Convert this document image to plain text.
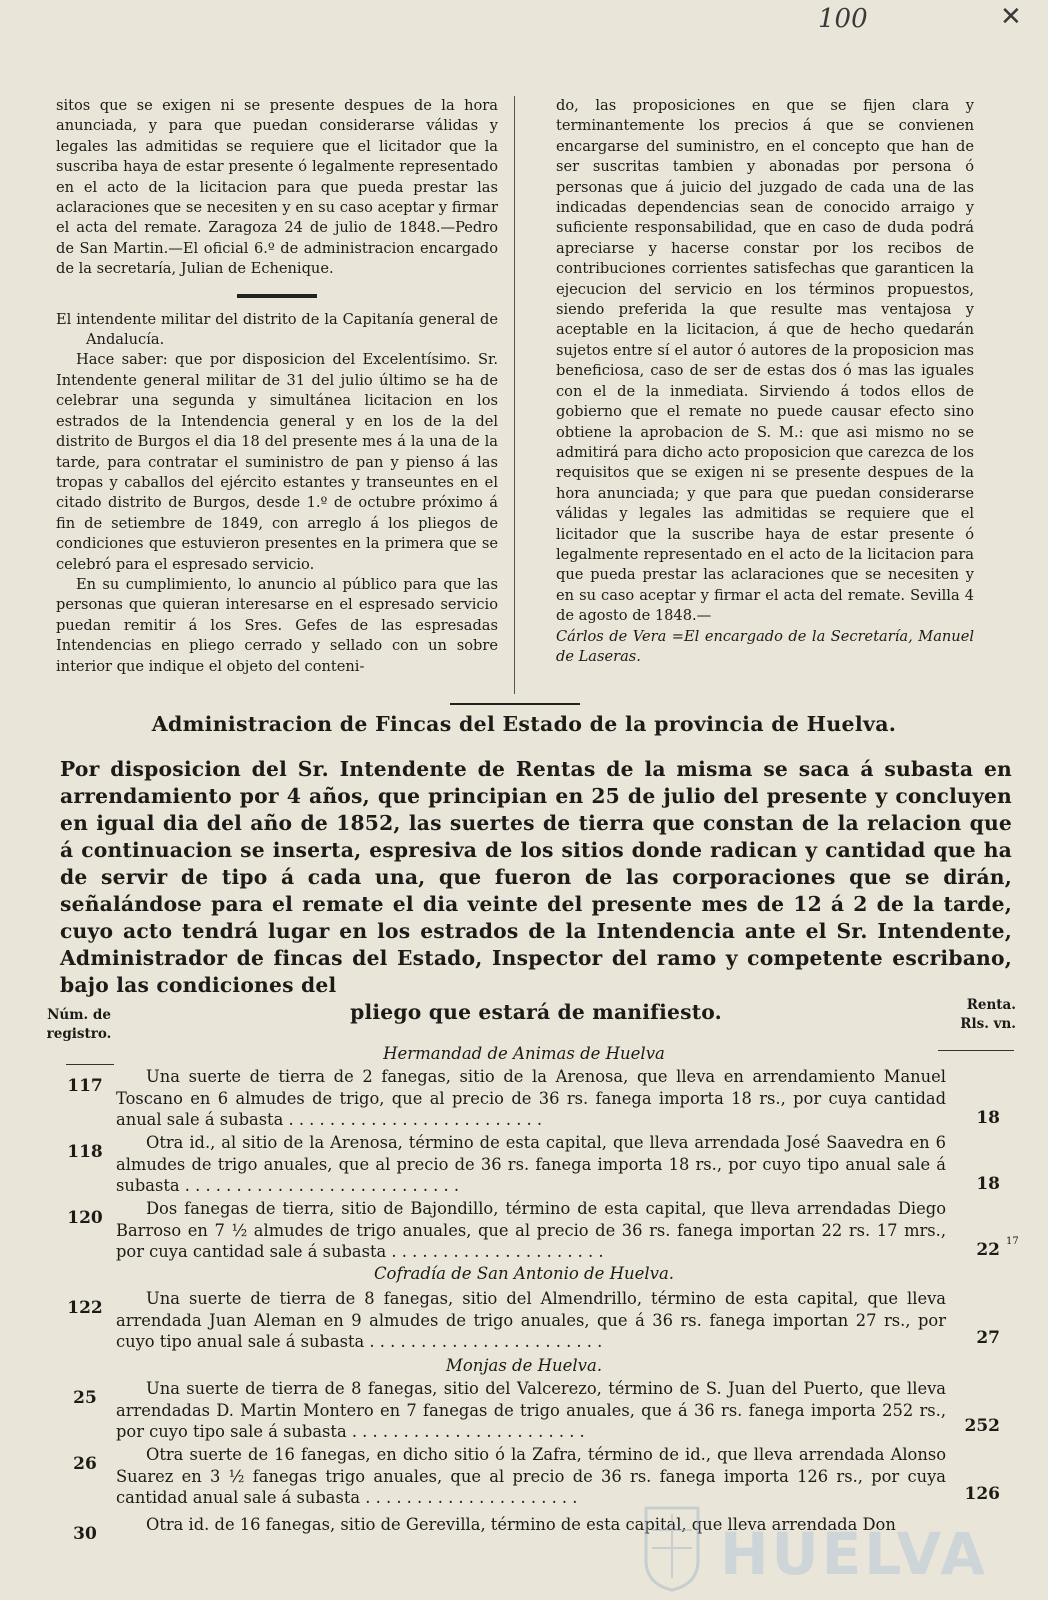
100	✕

sitos que se exigen ni se presente despues de la hora anunciada, y para que puedan considerarse válidas y legales las admitidas se requiere que el licitador que la suscriba haya de estar presente ó legalmente representado en el acto de la licitacion para que pueda prestar las aclaraciones que se necesiten y en su caso aceptar y firmar el acta del remate. Zaragoza 24 de julio de 1848.—Pedro de San Martin.—El oficial 6.º de administracion encargado de la secretaría, Julian de Echenique.

El intendente militar del distrito de la Capitanía general de Andalucía.

Hace saber: que por disposicion del Excelentísimo. Sr. Intendente general militar de 31 del julio último se ha de celebrar una segunda y simultánea licitacion en los estrados de la Intendencia general y en los de la del distrito de Burgos el dia 18 del presente mes á la una de la tarde, para contratar el suministro de pan y pienso á las tropas y caballos del ejército estantes y transeuntes en el citado distrito de Burgos, desde 1.º de octubre próximo á fin de setiembre de 1849, con arreglo á los pliegos de condiciones que estuvieron presentes en la primera que se celebró para el espresado servicio.

En su cumplimiento, lo anuncio al público para que las personas que quieran interesarse en el espresado servicio puedan remitir á los Sres. Gefes de las espresadas Intendencias en pliego cerrado y sellado con un sobre interior que indique el objeto del conteni-

do, las proposiciones en que se fijen clara y terminantemente los precios á que se convienen encargarse del suministro, en el concepto que han de ser suscritas tambien y abonadas por persona ó personas que á juicio del juzgado de cada una de las indicadas dependencias sean de conocido arraigo y suficiente responsabilidad, que en caso de duda podrá apreciarse y hacerse constar por los recibos de contribuciones corrientes satisfechas que garanticen la ejecucion del servicio en los términos propuestos, siendo preferida la que resulte mas ventajosa y aceptable en la licitacion, á que de hecho quedarán sujetos entre sí el autor ó autores de la proposicion mas beneficiosa, caso de ser de estas dos ó mas las iguales con el de la inmediata. Sirviendo á todos ellos de gobierno que el remate no puede causar efecto sino obtiene la aprobacion de S. M.: que asi mismo no se admitirá para dicho acto proposicion que carezca de los requisitos que se exigen ni se presente despues de la hora anunciada; y que para que puedan considerarse válidas y legales las admitidas se requiere que el licitador que la suscribe haya de estar presente ó legalmente representado en el acto de la licitacion para que pueda prestar las aclaraciones que se necesiten y en su caso aceptar y firmar el acta del remate. Sevilla 4 de agosto de 1848.—

Cárlos de Vera =El encargado de la Secretaría, Manuel de Laseras.

Administracion de Fincas del Estado de la provincia de Huelva.
Por disposicion del Sr. Intendente de Rentas de la misma se saca á subasta en arrendamiento por 4 años, que principian en 25 de julio del presente y concluyen en igual dia del año de 1852, las suertes de tierra que constan de la relacion que á continuacion se inserta, espresiva de los sitios donde radican y cantidad que ha de servir de tipo á cada una, que fueron de las corporaciones que se dirán, señalándose para el remate el dia veinte del presente mes de 12 á 2 de la tarde, cuyo acto tendrá lugar en los estrados de la Intendencia ante el Sr. Intendente, Administrador de fincas del Estado, Inspector del ramo y competente escribano, bajo las condiciones del
pliego que estará de manifiesto.
Núm. de registro.
Renta. Rls. vn.
Hermandad de Animas de Huelva
117	Una suerte de tierra de 2 fanegas, sitio de la Arenosa, que lleva en arrendamiento Manuel Toscano en 6 almudes de trigo, que al precio de 36 rs. fanega importa 18 rs., por cuya cantidad anual sale á subasta . . . . . . . . . . . . . . . . . . . . . . . . .	18
118	Otra id., al sitio de la Arenosa, término de esta capital, que lleva arrendada José Saavedra en 6 almudes de trigo anuales, que al precio de 36 rs. fanega importa 18 rs., por cuyo tipo anual sale á subasta . . . . . . . . . . . . . . . . . . . . . . . . . . .	18
120	Dos fanegas de tierra, sitio de Bajondillo, término de esta capital, que lleva arrendadas Diego Barroso en 7 ½ almudes de trigo anuales, que al precio de 36 rs. fanega importan 22 rs. 17 mrs., por cuya cantidad sale á subasta . . . . . . . . . . . . . . . . . . . . .	22 17
Cofradía de San Antonio de Huelva.
122	Una suerte de tierra de 8 fanegas, sitio del Almendrillo, término de esta capital, que lleva arrendada Juan Aleman en 9 almudes de trigo anuales, que á 36 rs. fanega importan 27 rs., por cuyo tipo anual sale á subasta . . . . . . . . . . . . . . . . . . . . . . .	27
Monjas de Huelva.
25	Una suerte de tierra de 8 fanegas, sitio del Valcerezo, término de S. Juan del Puerto, que lleva arrendadas D. Martin Montero en 7 fanegas de trigo anuales, que á 36 rs. fanega importa 252 rs., por cuyo tipo sale á subasta . . . . . . . . . . . . . . . . . . . . . . .	252
26	Otra suerte de 16 fanegas, en dicho sitio ó la Zafra, término de id., que lleva arrendada Alonso Suarez en 3 ½ fanegas trigo anuales, que al precio de 36 rs. fanega importa 126 rs., por cuya cantidad anual sale á subasta . . . . . . . . . . . . . . . . . . . . .	126
30	Otra id. de 16 fanegas, sitio de Gerevilla, término de esta capital, que lleva arrendada Don
HUELVA
